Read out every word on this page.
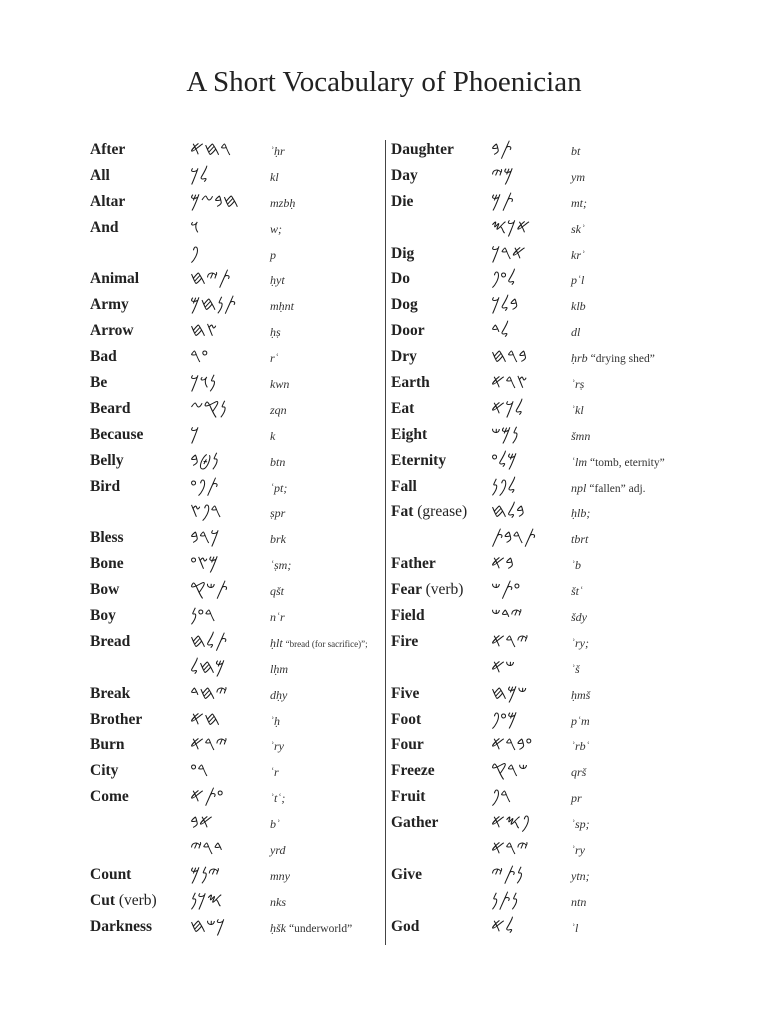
A Short Vocabulary of Phoenician
After	𐤓𐤇𐤀	ʾḥr
All	𐤋𐤊	kl
Altar	𐤇𐤁𐤆𐤌	mzbḥ
And	𐤅	w;
𐤐	p
Animal	𐤕𐤉𐤇	ḥyt
Army	𐤕𐤍𐤇𐤌	mḥnt
Arrow	𐤑𐤇	ḥṣ
Bad	𐤏𐤓	rʿ
Be	𐤍𐤅𐤊	kwn
Beard	𐤍𐤒𐤆	zqn
Because 𐤊	k
Belly	𐤍𐤈𐤁	btn
Bird	𐤕𐤐𐤏	ʿpt;
𐤓𐤐𐤑	ṣpr
Bless	𐤊𐤓𐤁	brk
Bone	𐤌𐤑𐤏	ʿṣm;
Bow	𐤕𐤔𐤒	qšt
Boy	𐤓𐤏𐤍	nʿr
Bread	𐤕𐤋𐤇	ḥlt “bread (for sacrifice)”;
𐤌𐤇𐤋	lḥm
Break	𐤉𐤇𐤃	dḥy
Brother	𐤇𐤀	ʾḥ
Burn	𐤉𐤓𐤀	ʾry
City	𐤓𐤏	ʿr
Come	𐤏𐤕𐤀	ʾtʿ;
𐤀𐤁	bʾ
𐤃𐤓𐤉	yrd
Count	𐤉𐤍𐤌	mny
Cut (verb) 𐤎𐤊𐤍	nks
Darkness 𐤊𐤔𐤇	ḥšk “underworld”
Daughter 𐤕𐤁	bt
Day	𐤌𐤉	ym
Die	𐤕𐤌	mt;
𐤀𐤊𐤎	skʾ
Dig	𐤀𐤓𐤊	krʾ
Do	𐤋𐤏𐤐	pʿl
Dog	𐤁𐤋𐤊	klb
Door	𐤋𐤃	dl
Dry	𐤁𐤓𐤇	ḥrb “drying shed”
Earth	𐤑𐤓𐤀	ʾrṣ
Eat	𐤋𐤊𐤀	ʾkl
Eight	𐤍𐤌𐤔	šmn
Eternity 𐤌𐤋𐤏	ʿlm “tomb, eternity”
Fall	𐤋𐤐𐤍	npl “fallen” adj.
Fat (grease) 𐤁𐤋𐤇	ḥlb;
𐤕𐤓𐤁𐤕	tbrt
Father	𐤁𐤀	ʾb
Fear (verb) 𐤏𐤕𐤔	štʿ
Field	𐤉𐤃𐤔	šdy
Fire	𐤉𐤓𐤀	ʾry;
𐤔𐤀	ʾš
Five	𐤔𐤌𐤇	ḥmš
Foot	𐤌𐤏𐤐	pʿm
Four	𐤏𐤁𐤓𐤀	ʾrbʿ
Freeze	𐤔𐤓𐤒	qrš
Fruit	𐤓𐤐	pr
Gather	𐤐𐤎𐤀	ʾsp;
𐤉𐤓𐤀	ʾry
Give	𐤍𐤕𐤉	ytn;
𐤍𐤕𐤍	ntn
God	𐤋𐤀	ʾl
